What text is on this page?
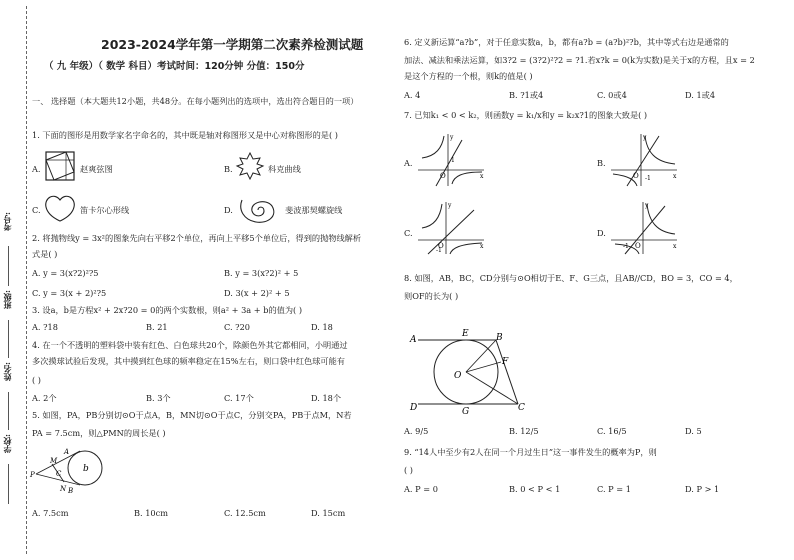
考号:
班级:
姓名:
学校:
2023-2024学年第一学期第二次素养检测试题
（ 九 年级）（ 数学 科目）考试时间：120分钟 分值：150分
一、 选择题（本大题共12小题，共48分。在每小题列出的选项中，选出符合题目的一项）
1. 下面的图形是用数学家名字命名的，其中既是轴对称图形又是中心对称图形的是( )
A.	赵爽弦图	B.	科克曲线
C.	笛卡尔心形线	D.	斐波那契螺旋线
2. 将抛物线y = 3x²的图象先向右平移2个单位，再向上平移5个单位后，得到的抛物线解析
式是( )
A. y = 3(x?2)²?5	B. y = 3(x?2)² + 5
C. y = 3(x + 2)²?5	D. 3(x + 2)² + 5
3. 设a，b是方程x² + 2x?20 = 0的两个实数根，则a² + 3a + b的值为( )
A. ?18	B. 21	C. ?20	D. 18
4. 在一个不透明的塑料袋中装有红色、白色球共20个，除颜色外其它都相同，小明通过
多次摸球试验后发现，其中摸到红色球的频率稳定在15%左右，则口袋中红色球可能有
( )
A. 2个	B. 3个	C. 17个	D. 18个
5. 如图，PA，PB分别切⊙O于点A，B，MN切⊙O于点C，分别交PA，PB于点M，N若
PA = 7.5cm，则△PMN的周长是( )
P
A
M
C
N B
b
A. 7.5cm	B. 10cm	C. 12.5cm	D. 15cm
6. 定义新运算“a?b”，对于任意实数a，b，都有a?b = (a?b)²?b，其中等式右边是通常的
加法、减法和乘法运算，如3?2 = (3?2)²?2 = ?1.若x?k = 0(k为实数)是关于x的方程，且x = 2
是这个方程的一个根，则k的值是( )
A. 4	B. ?1或4	C. 0或4	D. 1或4
7. 已知k₁ < 0 < k₂，则函数y = k₁/x和y = k₂x?1的图象大致是( )
A.
O	x
y
1	B.
O	x
y
-1
C.
O	x
y
-1
D.
O	x
y
-1
8. 如图，AB，BC，CD分别与⊙O相切于E、F、G三点，且AB//CD，BO = 3，CO = 4，
则OF的长为( )
A
E	B
F
O
D	G	C
A. 9/5	B. 12/5	C. 16/5	D. 5
9. “14人中至少有2人在同一个月过生日”这一事件发生的概率为P，则
( )
A. P = 0	B. 0 < P < 1	C. P = 1	D. P > 1
